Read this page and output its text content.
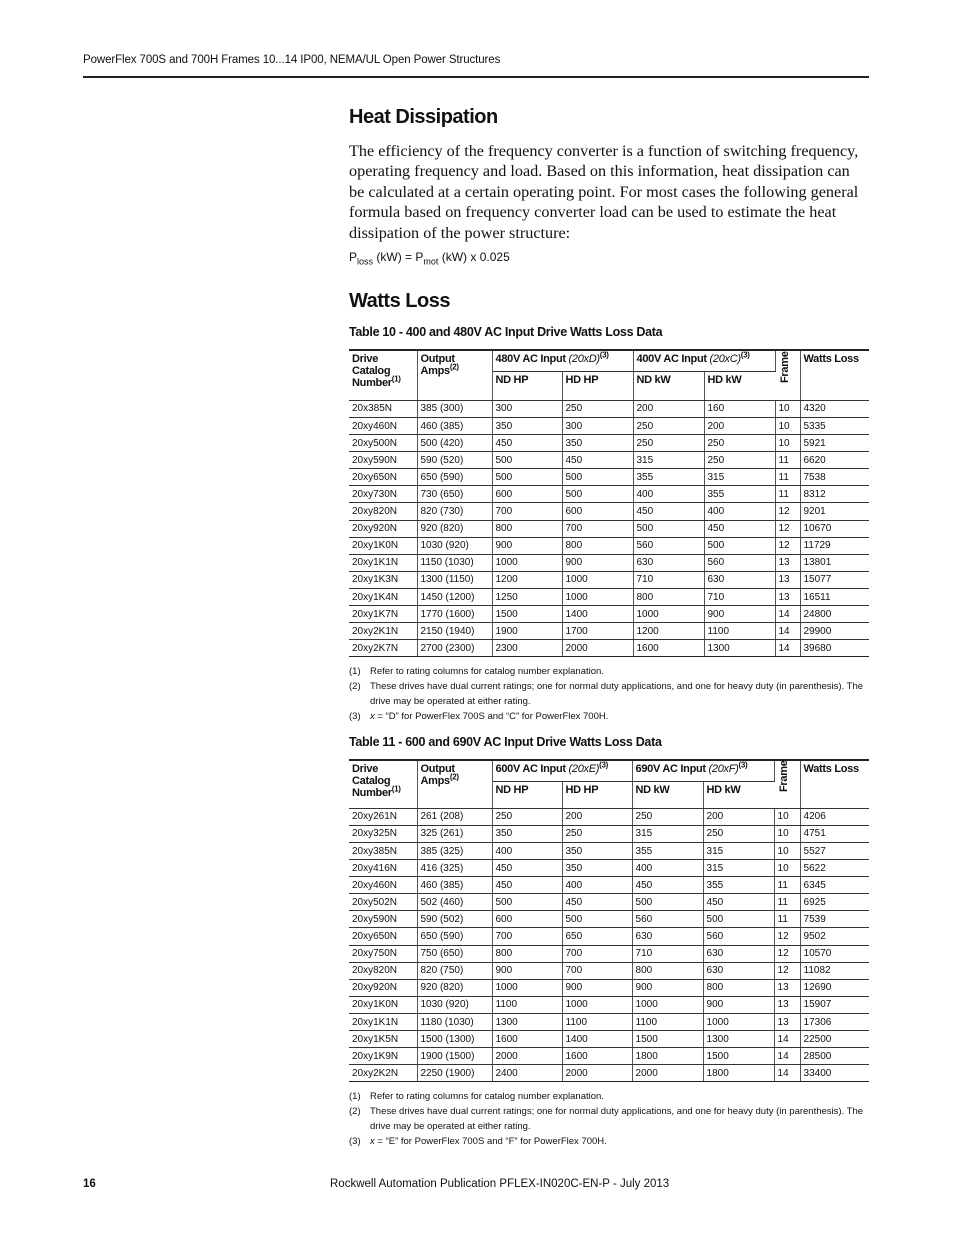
PowerFlex 700S and 700H Frames 10...14 IP00, NEMA/UL Open Power Structures
Heat Dissipation

The efficiency of the frequency converter is a function of switching frequency, operating frequency and load. Based on this information, heat dissipation can be calculated at a certain operating point. For most cases the following general formula based on frequency converter load can be used to estimate the heat dissipation of the power structure:

$P_{loss}$ $(kW) = P_{mot}$ (kW) x 0.025

Watts Loss
Table 10 - 400 and 480V AC Input Drive Watts Loss Data
Drive Catalog Number$^{(1)}$	Output Amps$^{(2)}$	480V AC Input $(20xD)^{(3)}$		400V AC Input $(20xC)^{(3)}$		Frame	Watts Loss
		ND HP	HD HP	ND kW	HD kW		
20x385N	385 (300)	300	250	200	160	10	4320
20xy460N	460 (385)	350	300	250	200	10	5335
20xy500N	500 (420)	450	350	250	250	10	5921
20xy590N	590 (520)	500	450	315	250	11	6620
20xy650N	650 (590)	500	500	355	315	11	7538
20xy730N	730 (650)	600	500	400	355	11	8312
20xy820N	820 (730)	700	600	450	400	12	9201
20xy920N	920 (820)	800	700	500	450	12	10670
20xy1K0N	1030 (920)	900	800	560	500	12	11729
20xy1K1N	1150 (1030)	1000	900	630	560	13	13801
20xy1K3N	1300 (1150)	1200	1000	710	630	13	15077
20xy1K4N	1450 (1200)	1250	1000	800	710	13	16511
20xy1K7N	1770 (1600)	1500	1400	1000	900	14	24800
20xy2K1N	2150 (1940)	1900	1700	1200	1100	14	29900
20xy2K7N	2700 (2300)	2300	2000	1600	1300	14	39680
(1) Refer to rating columns for catalog number explanation.
(2) These drives have dual current ratings; one for normal duty applications, and one for heavy duty (in parenthesis). The drive may be operated at either rating.
(3) x = “D” for PowerFlex 700S and “C” for PowerFlex 700H.
Table 11 - 600 and 690V AC Input Drive Watts Loss Data
Drive Catalog Number$^{(1)}$	Output Amps$^{(2)}$	600V AC Input $(20xE)^{(3)}$		690V AC Input $(20xF)^{(3)}$		Frame	Watts Loss
		ND HP	HD HP	ND kW	HD kW		
20xy261N	261 (208)	250	200	250	200	10	4206
20xy325N	325 (261)	350	250	315	250	10	4751
20xy385N	385 (325)	400	350	355	315	10	5527
20xy416N	416 (325)	450	350	400	315	10	5622
20xy460N	460 (385)	450	400	450	355	11	6345
20xy502N	502 (460)	500	450	500	450	11	6925
20xy590N	590 (502)	600	500	560	500	11	7539
20xy650N	650 (590)	700	650	630	560	12	9502
20xy750N	750 (650)	800	700	710	630	12	10570
20xy820N	820 (750)	900	700	800	630	12	11082
20xy920N	920 (820)	1000	900	900	800	13	12690
20xy1K0N	1030 (920)	1100	1000	1000	900	13	15907
20xy1K1N	1180 (1030)	1300	1100	1100	1000	13	17306
20xy1K5N	1500 (1300)	1600	1400	1500	1300	14	22500
20xy1K9N	1900 (1500)	2000	1600	1800	1500	14	28500
20xy2K2N	2250 (1900)	2400	2000	2000	1800	14	33400
(1) Refer to rating columns for catalog number explanation.
(2) These drives have dual current ratings; one for normal duty applications, and one for heavy duty (in parenthesis). The drive may be operated at either rating.
(3) x = “E” for PowerFlex 700S and “F” for PowerFlex 700H.
16	Rockwell Automation Publication PFLEX-IN020C-EN-P - July 2013
